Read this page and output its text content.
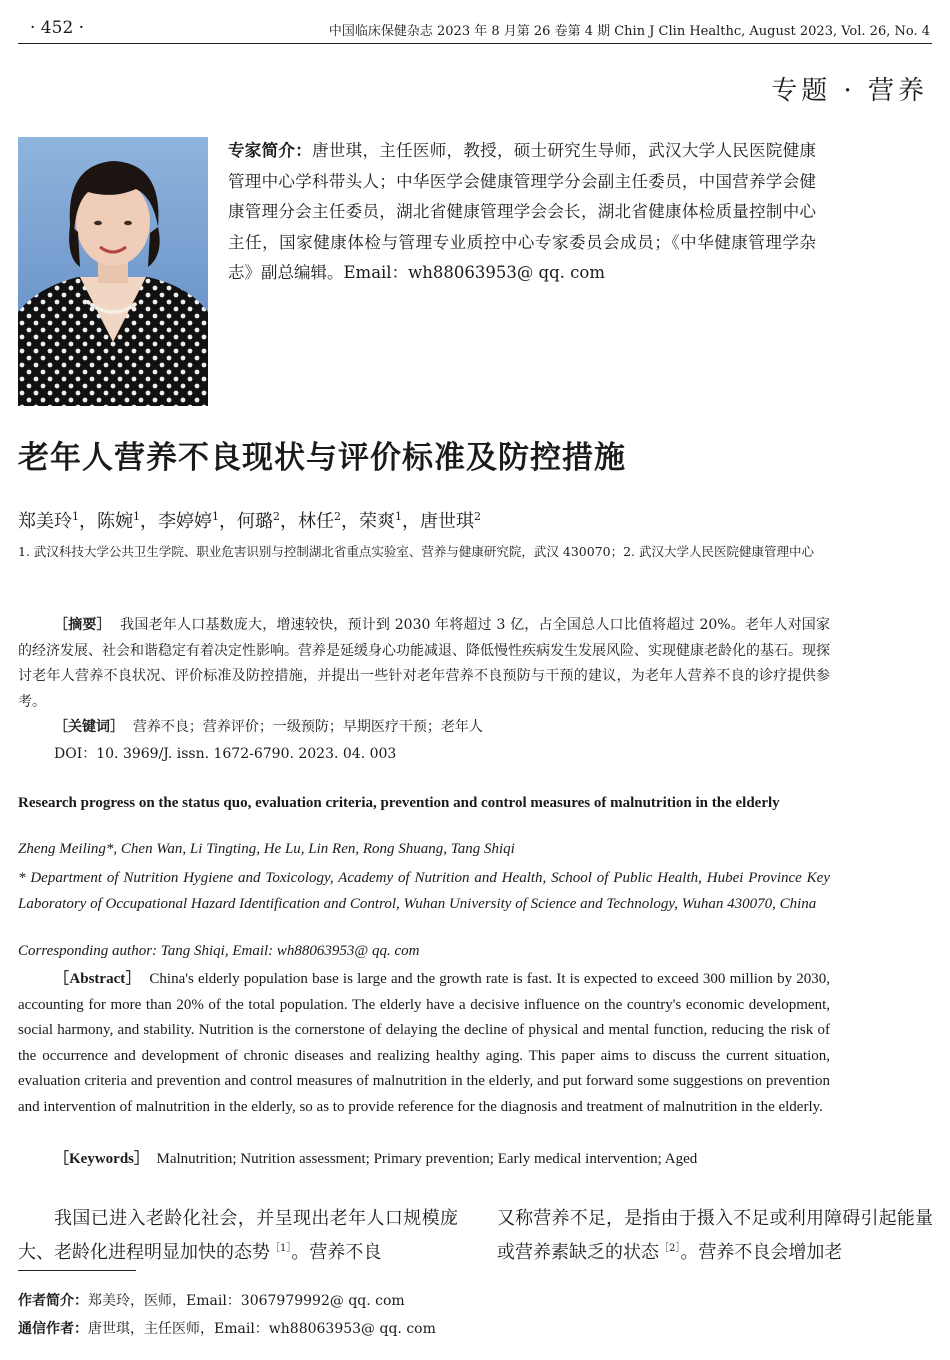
· 452 ·	中国临床保健杂志 2023 年 8 月第 26 卷第 4 期 Chin J Clin Healthc, August 2023, Vol. 26, No. 4
专题 · 营养
专家简介：唐世琪，主任医师，教授，硕士研究生导师，武汉大学人民医院健康管理中心学科带头人；中华医学会健康管理学分会副主任委员，中国营养学会健康管理分会主任委员，湖北省健康管理学会会长，湖北省健康体检质量控制中心主任，国家健康体检与管理专业质控中心专家委员会成员；《中华健康管理学杂志》副总编辑。Email：wh88063953@ qq. com
老年人营养不良现状与评价标准及防控措施
郑美玲$^1$，陈婉$^1$，李婷婷$^1$，何璐$^2$，林任$^2$，荣爽$^1$，唐世琪$^2$
1. 武汉科技大学公共卫生学院、职业危害识别与控制湖北省重点实验室、营养与健康研究院，武汉 430070；2. 武汉大学人民医院健康管理中心
［摘要］ 我国老年人口基数庞大，增速较快，预计到 2030 年将超过 3 亿，占全国总人口比值将超过 20%。老年人对国家的经济发展、社会和谐稳定有着决定性影响。营养是延缓身心功能减退、降低慢性疾病发生发展风险、实现健康老龄化的基石。现探讨老年人营养不良状况、评价标准及防控措施，并提出一些针对老年营养不良预防与干预的建议，为老年人营养不良的诊疗提供参考。
［关键词］ 营养不良；营养评价；一级预防；早期医疗干预；老年人
DOI：10. 3969/J. issn. 1672-6790. 2023. 04. 003
Research progress on the status quo, evaluation criteria, prevention and control measures of malnutrition in the elderly
Zheng Meiling*, Chen Wan, Li Tingting, He Lu, Lin Ren, Rong Shuang, Tang Shiqi
* Department of Nutrition Hygiene and Toxicology, Academy of Nutrition and Health, School of Public Health, Hubei Province Key Laboratory of Occupational Hazard Identification and Control, Wuhan University of Science and Technology, Wuhan 430070, China
Corresponding author: Tang Shiqi, Email: wh88063953@ qq. com
［Abstract］ China's elderly population base is large and the growth rate is fast. It is expected to exceed 300 million by 2030, accounting for more than 20% of the total population. The elderly have a decisive influence on the country's economic development, social harmony, and stability. Nutrition is the cornerstone of delaying the decline of physical and mental function, reducing the risk of the occurrence and development of chronic diseases and realizing healthy aging. This paper aims to discuss the current situation, evaluation criteria and prevention and control measures of malnutrition in the elderly, and put forward some suggestions on prevention and intervention of malnutrition in the elderly, so as to provide reference for the diagnosis and treatment of malnutrition in the elderly.
［Keywords］ Malnutrition; Nutrition assessment; Primary prevention; Early medical intervention; Aged
我国已进入老龄化社会，并呈现出老年人口规模庞大、老龄化进程明显加快的态势$^{[1]}$。营养不良
又称营养不足，是指由于摄入不足或利用障碍引起能量或营养素缺乏的状态$^{[2]}$。营养不良会增加老
作者简介：郑美玲，医师，Email：3067979992@ qq. com
通信作者：唐世琪，主任医师，Email：wh88063953@ qq. com
